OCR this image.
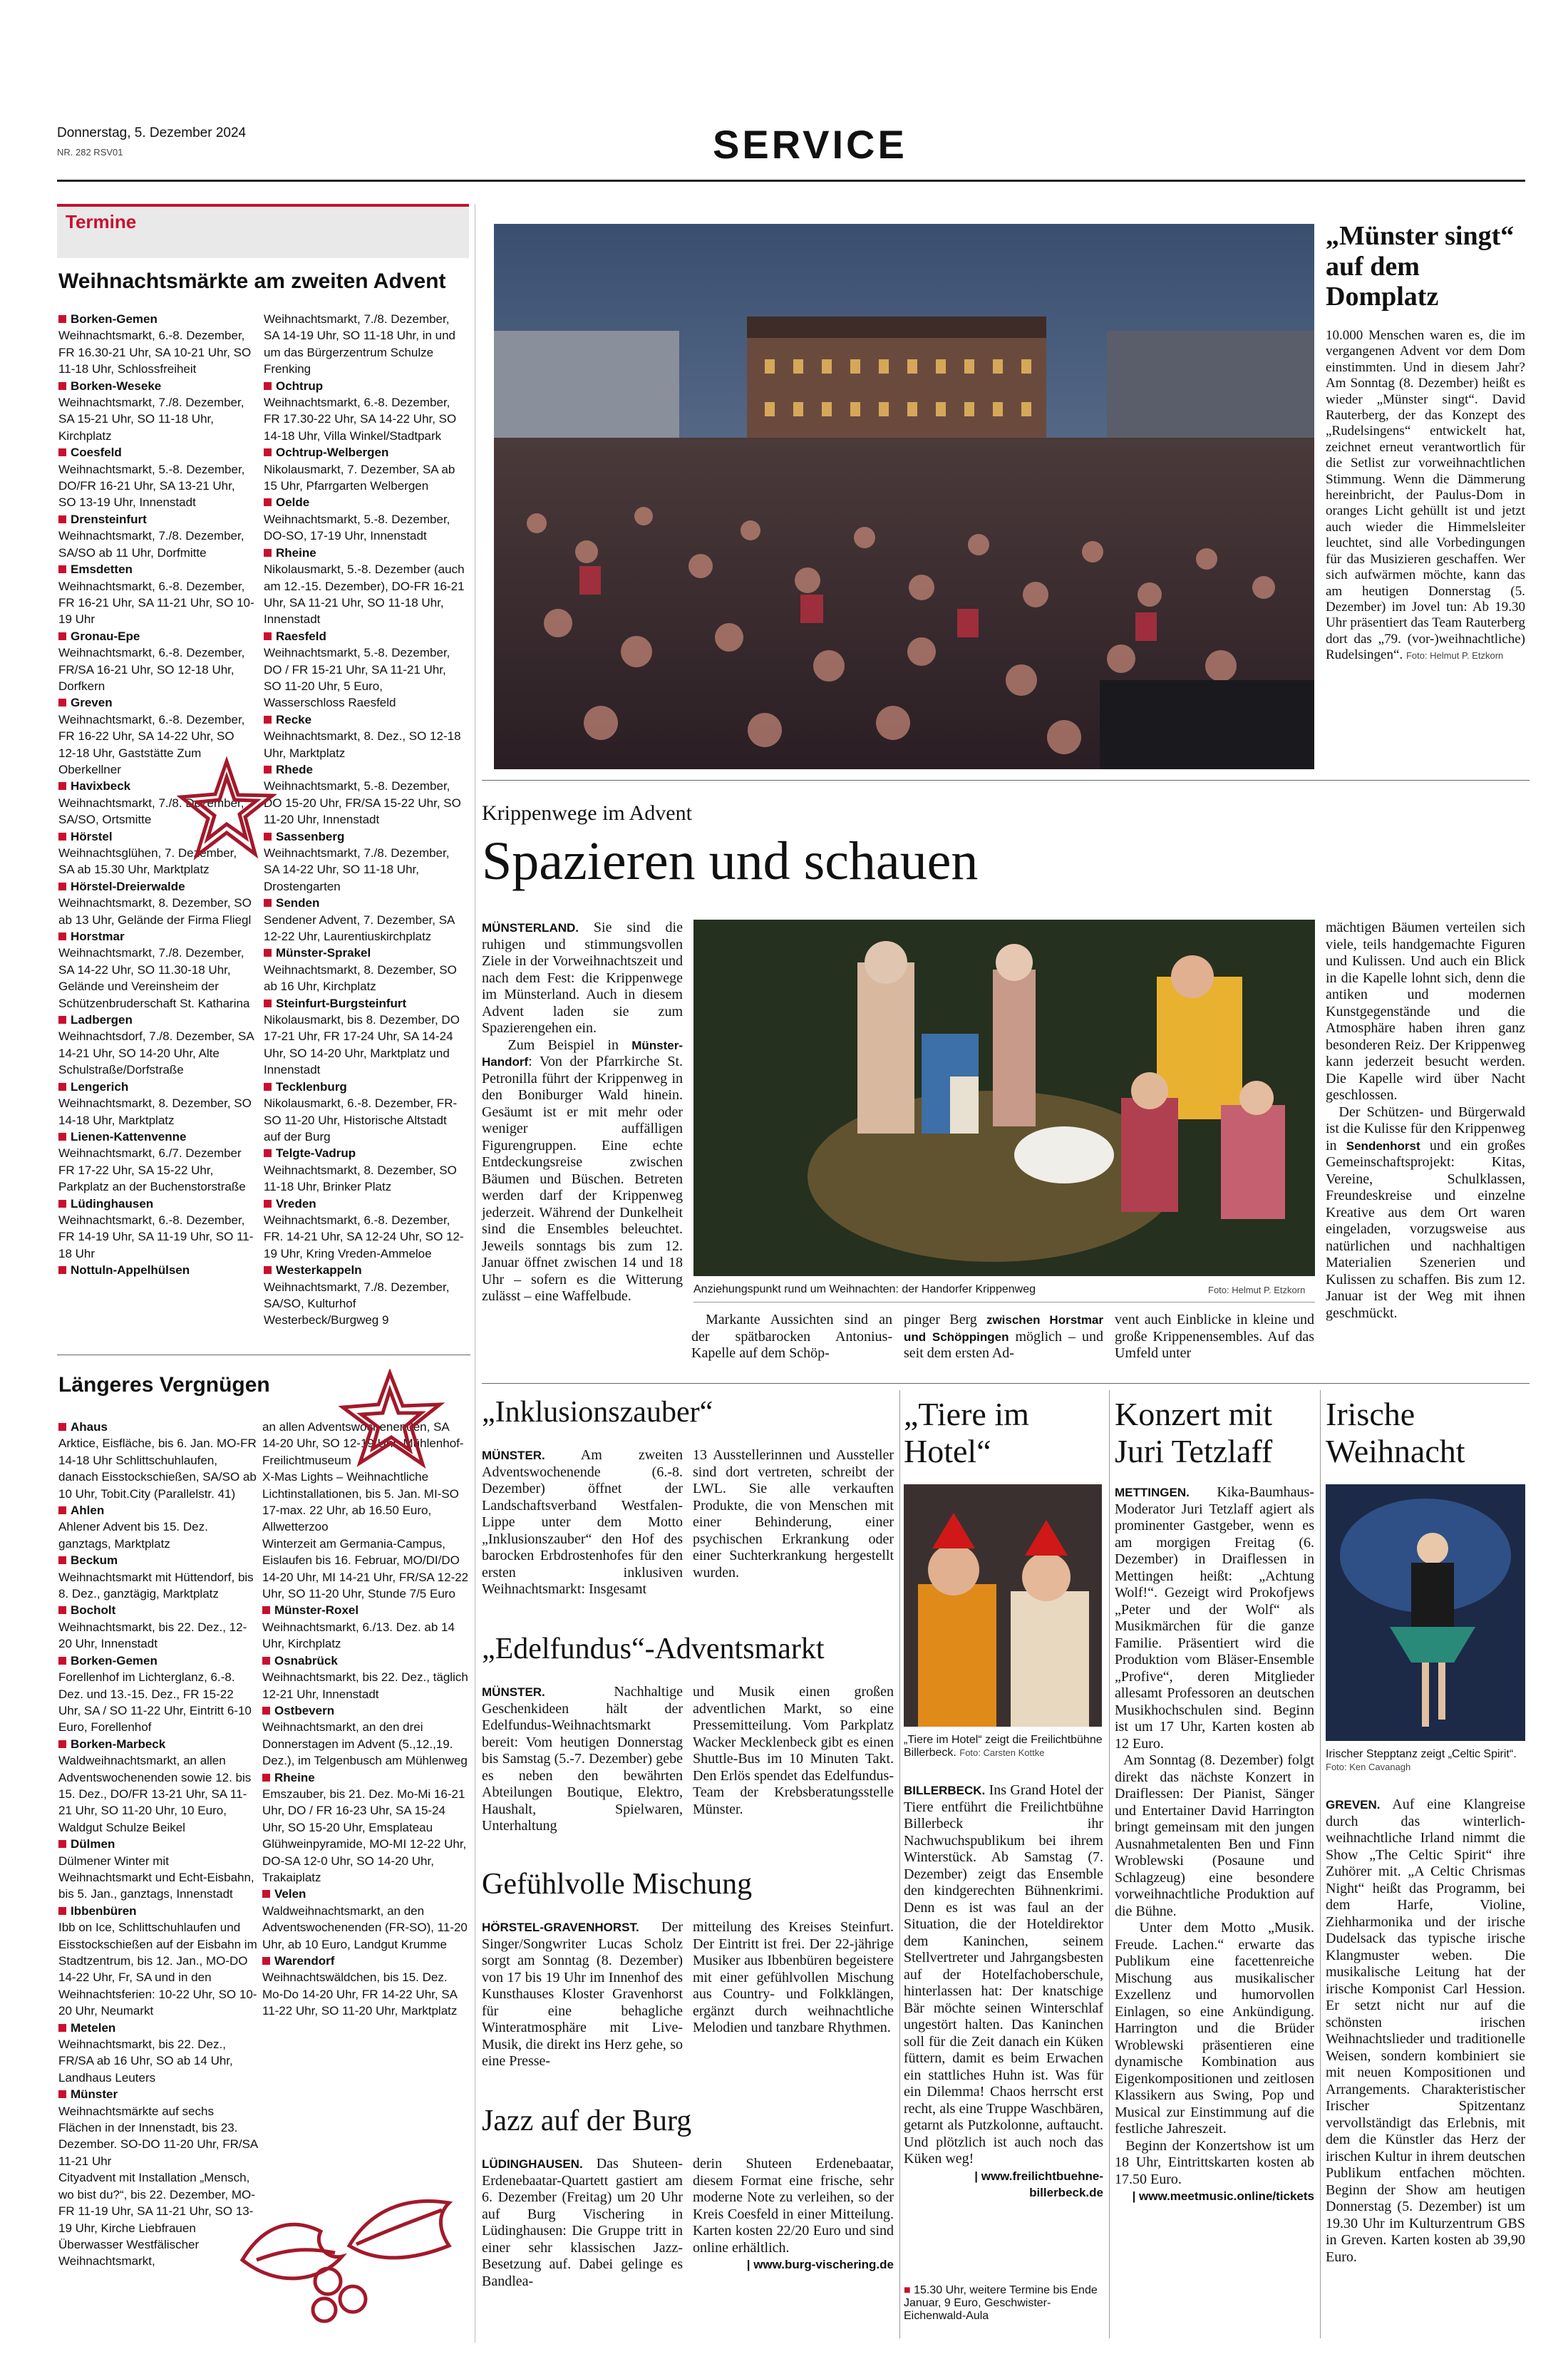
Donnerstag, 5. Dezember 2024
NR. 282 RSV01	SERVICE
Termine
Weihnachtsmärkte am zweiten Advent
Borken-Gemen
Weihnachtsmarkt, 6.-8. Dezember, FR 16.30-21 Uhr, SA 10-21 Uhr, SO 11-18 Uhr, Schlossfreiheit
Borken-Weseke
Weihnachtsmarkt, 7./8. Dezember, SA 15-21 Uhr, SO 11-18 Uhr, Kirchplatz
Coesfeld
Weihnachtsmarkt, 5.-8. Dezember, DO/FR 16-21 Uhr, SA 13-21 Uhr, SO 13-19 Uhr, Innenstadt
Drensteinfurt
Weihnachtsmarkt, 7./8. Dezember, SA/SO ab 11 Uhr, Dorfmitte
Emsdetten
Weihnachtsmarkt, 6.-8. Dezember, FR 16-21 Uhr, SA 11-21 Uhr, SO 10-19 Uhr
Gronau-Epe
Weihnachtsmarkt, 6.-8. Dezember, FR/SA 16-21 Uhr, SO 12-18 Uhr, Dorfkern
Greven
Weihnachtsmarkt, 6.-8. Dezember, FR 16-22 Uhr, SA 14-22 Uhr, SO 12-18 Uhr, Gaststätte Zum Oberkellner
Havixbeck
Weihnachtsmarkt, 7./8. Dezember, SA/SO, Ortsmitte
Hörstel
Weihnachtsglühen, 7. Dezember, SA ab 15.30 Uhr, Marktplatz
Hörstel-Dreierwalde
Weihnachtsmarkt, 8. Dezember, SO ab 13 Uhr, Gelände der Firma Fliegl
Horstmar
Weihnachtsmarkt, 7./8. Dezember, SA 14-22 Uhr, SO 11.30-18 Uhr, Gelände und Vereinsheim der Schützenbruderschaft St. Katharina
Ladbergen
Weihnachtsdorf, 7./8. Dezember, SA 14-21 Uhr, SO 14-20 Uhr, Alte Schulstraße/Dorfstraße
Lengerich
Weihnachtsmarkt, 8. Dezember, SO 14-18 Uhr, Marktplatz
Lienen-Kattenvenne
Weihnachtsmarkt, 6./7. Dezember FR 17-22 Uhr, SA 15-22 Uhr, Parkplatz an der Buchenstorstraße
Lüdinghausen
Weihnachtsmarkt, 6.-8. Dezember, FR 14-19 Uhr, SA 11-19 Uhr, SO 11-18 Uhr
Nottuln-Appelhülsen
Weihnachtsmarkt, 7./8. Dezember, SA 14-19 Uhr, SO 11-18 Uhr, in und um das Bürgerzentrum Schulze Frenking
Ochtrup
Weihnachtsmarkt, 6.-8. Dezember, FR 17.30-22 Uhr, SA 14-22 Uhr, SO 14-18 Uhr, Villa Winkel/Stadtpark
Ochtrup-Welbergen
Nikolausmarkt, 7. Dezember, SA ab 15 Uhr, Pfarrgarten Welbergen
Oelde
Weihnachtsmarkt, 5.-8. Dezember, DO-SO, 17-19 Uhr, Innenstadt
Rheine
Nikolausmarkt, 5.-8. Dezember (auch am 12.-15. Dezember), DO-FR 16-21 Uhr, SA 11-21 Uhr, SO 11-18 Uhr, Innenstadt
Raesfeld
Weihnachtsmarkt, 5.-8. Dezember, DO / FR 15-21 Uhr, SA 11-21 Uhr, SO 11-20 Uhr, 5 Euro, Wasserschloss Raesfeld
Recke
Weihnachtsmarkt, 8. Dez., SO 12-18 Uhr, Marktplatz
Rhede
Weihnachtsmarkt, 5.-8. Dezember, DO 15-20 Uhr, FR/SA 15-22 Uhr, SO 11-20 Uhr, Innenstadt
Sassenberg
Weihnachtsmarkt, 7./8. Dezember, SA 14-22 Uhr, SO 11-18 Uhr, Drostengarten
Senden
Sendener Advent, 7. Dezember, SA 12-22 Uhr, Laurentiuskirchplatz
Münster-Sprakel
Weihnachtsmarkt, 8. Dezember, SO ab 16 Uhr, Kirchplatz
Steinfurt-Burgsteinfurt
Nikolausmarkt, bis 8. Dezember, DO 17-21 Uhr, FR 17-24 Uhr, SA 14-24 Uhr, SO 14-20 Uhr, Marktplatz und Innenstadt
Tecklenburg
Nikolausmarkt, 6.-8. Dezember, FR-SO 11-20 Uhr, Historische Altstadt auf der Burg
Telgte-Vadrup
Weihnachtsmarkt, 8. Dezember, SO 11-18 Uhr, Brinker Platz
Vreden
Weihnachtsmarkt, 6.-8. Dezember, FR. 14-21 Uhr, SA 12-24 Uhr, SO 12-19 Uhr, Kring Vreden-Ammeloe
Westerkappeln
Weihnachtsmarkt, 7./8. Dezember, SA/SO, Kulturhof Westerbeck/Burgweg 9
Längeres Vergnügen
Ahaus
Arktice, Eisfläche, bis 6. Jan. MO-FR 14-18 Uhr Schlittschuhlaufen, danach Eisstockschießen, SA/SO ab 10 Uhr, Tobit.City (Parallelstr. 41)
Ahlen
Ahlener Advent bis 15. Dez. ganztags, Marktplatz
Beckum
Weihnachtsmarkt mit Hüttendorf, bis 8. Dez., ganztägig, Marktplatz
Bocholt
Weihnachtsmarkt, bis 22. Dez., 12-20 Uhr, Innenstadt
Borken-Gemen
Forellenhof im Lichterglanz, 6.-8. Dez. und 13.-15. Dez., FR 15-22 Uhr, SA / SO 11-22 Uhr, Eintritt 6-10 Euro, Forellenhof
Borken-Marbeck
Waldweihnachtsmarkt, an allen Adventswochenenden sowie 12. bis 15. Dez., DO/FR 13-21 Uhr, SA 11-21 Uhr, SO 11-20 Uhr, 10 Euro, Waldgut Schulze Beikel
Dülmen
Dülmener Winter mit Weihnachtsmarkt und Echt-Eisbahn, bis 5. Jan., ganztags, Innenstadt
Ibbenbüren
Ibb on Ice, Schlittschuhlaufen und Eisstockschießen auf der Eisbahn im Stadtzentrum, bis 12. Jan., MO-DO 14-22 Uhr, Fr, SA und in den Weihnachtsferien: 10-22 Uhr, SO 10-20 Uhr, Neumarkt
Metelen
Weihnachtsmarkt, bis 22. Dez., FR/SA ab 16 Uhr, SO ab 14 Uhr, Landhaus Leuters
Münster
Weihnachtsmärkte auf sechs Flächen in der Innenstadt, bis 23. Dezember. SO-DO 11-20 Uhr, FR/SA 11-21 Uhr
Cityadvent mit Installation „Mensch, wo bist du?“, bis 22. Dezember, MO-FR 11-19 Uhr, SA 11-21 Uhr, SO 13-19 Uhr, Kirche Liebfrauen Überwasser Westfälischer Weihnachtsmarkt,
an allen Adventswochenenden, SA 14-20 Uhr, SO 12-19 Uhr, Mühlenhof-Freilichtmuseum
X-Mas Lights – Weihnachtliche Lichtinstallationen, bis 5. Jan. MI-SO 17-max. 22 Uhr, ab 16.50 Euro, Allwetterzoo
Winterzeit am Germania-Campus, Eislaufen bis 16. Februar, MO/DI/DO 14-20 Uhr, MI 14-21 Uhr, FR/SA 12-22 Uhr, SO 11-20 Uhr, Stunde 7/5 Euro
Münster-Roxel
Weihnachtsmarkt, 6./13. Dez. ab 14 Uhr, Kirchplatz
Osnabrück
Weihnachtsmarkt, bis 22. Dez., täglich 12-21 Uhr, Innenstadt
Ostbevern
Weihnachtsmarkt, an den drei Donnerstagen im Advent (5.,12.,19. Dez.), im Telgenbusch am Mühlenweg
Rheine
Emszauber, bis 21. Dez. Mo-Mi 16-21 Uhr, DO / FR 16-23 Uhr, SA 15-24 Uhr, SO 15-20 Uhr, Emsplateau
Glühweinpyramide, MO-MI 12-22 Uhr, DO-SA 12-0 Uhr, SO 14-20 Uhr, Trakaiplatz
Velen
Waldweihnachtsmarkt, an den Adventswochenenden (FR-SO), 11-20 Uhr, ab 10 Euro, Landgut Krumme
Warendorf
Weihnachtswäldchen, bis 15. Dez. Mo-Do 14-20 Uhr, FR 14-22 Uhr, SA 11-22 Uhr, SO 11-20 Uhr, Marktplatz
„Münster singt“ auf dem Domplatz
10.000 Menschen waren es, die im vergangenen Advent vor dem Dom einstimmten. Und in diesem Jahr? Am Sonntag (8. Dezember) heißt es wieder „Münster singt“. David Rauterberg, der das Konzept des „Rudelsingens“ entwickelt hat, zeichnet erneut verantwortlich für die Setlist zur vorweihnachtlichen Stimmung. Wenn die Dämmerung hereinbricht, der Paulus-Dom in oranges Licht gehüllt ist und jetzt auch wieder die Himmelsleiter leuchtet, sind alle Vorbedingungen für das Musizieren geschaffen. Wer sich aufwärmen möchte, kann das am heutigen Donnerstag (5. Dezember) im Jovel tun: Ab 19.30 Uhr präsentiert das Team Rauterberg dort das „79. (vor-)weihnachtliche) Rudelsingen“. Foto: Helmut P. Etzkorn
Krippenwege im Advent
Spazieren und schauen
MÜNSTERLAND. Sie sind die ruhigen und stimmungsvollen Ziele in der Vorweihnachtszeit und nach dem Fest: die Krippenwege im Münsterland. Auch in diesem Advent laden sie zum Spazierengehen ein.
Zum Beispiel in Münster-Handorf: Von der Pfarrkirche St. Petronilla führt der Krippenweg in den Boniburger Wald hinein. Gesäumt ist er mit mehr oder weniger auffälligen Figurengruppen. Eine echte Entdeckungsreise zwischen Bäumen und Büschen. Betreten werden darf der Krippenweg jederzeit. Während der Dunkelheit sind die Ensembles beleuchtet. Jeweils sonntags bis zum 12. Januar öffnet zwischen 14 und 18 Uhr – sofern es die Witterung zulässt – eine Waffelbude.	Anziehungspunkt rund um Weihnachten: der Handorfer Krippenweg	Foto: Helmut P. Etzkorn
Markante Aussichten sind an der spätbarocken Antonius-Kapelle auf dem Schöp-
pinger Berg zwischen Horstmar und Schöppingen möglich – und seit dem ersten Ad-
vent auch Einblicke in kleine und große Krippenensembles. Auf das Umfeld unter
mächtigen Bäumen verteilen sich viele, teils handgemachte Figuren und Kulissen. Und auch ein Blick in die Kapelle lohnt sich, denn die antiken und modernen Kunstgegenstände und die Atmosphäre haben ihren ganz besonderen Reiz. Der Krippenweg kann jederzeit besucht werden. Die Kapelle wird über Nacht geschlossen.
Der Schützen- und Bürgerwald ist die Kulisse für den Krippenweg in Sendenhorst und ein großes Gemeinschaftsprojekt: Kitas, Vereine, Schulklassen, Freundeskreise und einzelne Kreative aus dem Ort waren eingeladen, vorzugsweise aus natürlichen und nachhaltigen Materialien Szenerien und Kulissen zu schaffen. Bis zum 12. Januar ist der Weg mit ihnen geschmückt.
„Inklusionszauber“
MÜNSTER. Am zweiten Adventswochenende (6.-8. Dezember) öffnet der Landschaftsverband Westfalen-Lippe unter dem Motto „Inklusionszauber“ den Hof des barocken Erbdrostenhofes für den ersten inklusiven Weihnachtsmarkt: Insgesamt
13 Ausstellerinnen und Aussteller sind dort vertreten, schreibt der LWL. Sie alle verkauften Produkte, die von Menschen mit einer Behinderung, einer psychischen Erkrankung oder einer Suchterkrankung hergestellt wurden.
„Edelfundus“-Adventsmarkt
MÜNSTER.	Nachhaltige Geschenkideen hält der Edelfundus-Weihnachtsmarkt bereit: Vom heutigen Donnerstag bis Samstag (5.-7. Dezember) gebe es neben den bewährten Abteilungen Boutique, Elektro, Haushalt, Spielwaren, Unterhaltung
und Musik einen großen adventlichen Markt, so eine Pressemitteilung. Vom Parkplatz Wacker Mecklenbeck gibt es einen Shuttle-Bus im 10 Minuten Takt. Den Erlös spendet das Edelfundus-Team der Krebsberatungsstelle Münster.
Gefühlvolle Mischung
HÖRSTEL-GRAVENHORST. Der Singer/Songwriter Lucas Scholz sorgt am Sonntag (8. Dezember) von 17 bis 19 Uhr im Innenhof des Kunsthauses Kloster Gravenhorst für eine behagliche Winteratmosphäre mit Live-Musik, die direkt ins Herz gehe, so eine Presse-
mitteilung des Kreises Steinfurt. Der Eintritt ist frei. Der 22-jährige Musiker aus Ibbenbüren begeistere mit einer gefühlvollen Mischung aus Country- und Folkklängen, ergänzt durch weihnachtliche Melodien und tanzbare Rhythmen.
Jazz auf der Burg
LÜDINGHAUSEN. Das Shuteen-Erdenebaatar-Quartett gastiert am 6. Dezember (Freitag) um 20 Uhr auf Burg Vischering in Lüdinghausen: Die Gruppe tritt in einer sehr klassischen Jazz-Besetzung auf. Dabei gelinge es Bandlea-
derin Shuteen Erdenebaatar, diesem Format eine frische, sehr moderne Note zu verleihen, so der Kreis Coesfeld in einer Mitteilung. Karten kosten 22/20 Euro und sind online erhältlich.

| www.burg-vischering.de
„Tiere im Hotel“
„Tiere im Hotel“ zeigt die Freilichtbühne Billerbeck. Foto: Carsten Kottke
BILLERBECK. Ins Grand Hotel der Tiere entführt die Freilichtbühne Billerbeck ihr Nachwuchspublikum bei ihrem Winterstück. Ab Samstag (7. Dezember) zeigt das Ensemble den kindgerechten Bühnenkrimi. Denn es ist was faul an der Situation, die der Hoteldirektor dem Kaninchen, seinem Stellvertreter und Jahrgangsbesten auf der Hotelfachoberschule, hinterlassen hat: Der knatschige Bär möchte seinen Winterschlaf ungestört halten. Das Kaninchen soll für die Zeit danach ein Küken füttern, damit es beim Erwachen ein stattliches Huhn ist. Was für ein Dilemma! Chaos herrscht erst recht, als eine Truppe Waschbären, getarnt als Putzkolonne, auftaucht. Und plötzlich ist auch noch das Küken weg!

| www.freilichtbuehne-billerbeck.de
■ 15.30 Uhr, weitere Termine bis Ende Januar, 9 Euro, Geschwister-Eichenwald-Aula
Konzert mit Juri Tetzlaff
METTINGEN. Kika-Baumhaus-Moderator Juri Tetzlaff agiert als prominenter Gastgeber, wenn es am morgigen Freitag (6. Dezember) in Draiflessen in Mettingen heißt: „Achtung Wolf!“. Gezeigt wird Prokofjews „Peter und der Wolf“ als Musikmärchen für die ganze Familie. Präsentiert wird die Produktion vom Bläser-Ensemble „Profive“, deren Mitglieder allesamt Professoren an deutschen Musikhochschulen sind. Beginn ist um 17 Uhr, Karten kosten ab 12 Euro.
Am Sonntag (8. Dezember) folgt direkt das nächste Konzert in Draiflessen: Der Pianist, Sänger und Entertainer David Harrington bringt gemeinsam mit den jungen Ausnahmetalenten Ben und Finn Wroblewski (Posaune und Schlagzeug) eine besondere vorweihnachtliche Produktion auf die Bühne.
Unter dem Motto „Musik. Freude. Lachen.“ erwarte das Publikum eine facettenreiche Mischung aus musikalischer Exzellenz und humorvollen Einlagen, so eine Ankündigung. Harrington und die Brüder Wroblewski präsentieren eine dynamische Kombination aus Eigenkompositionen und zeitlosen Klassikern aus Swing, Pop und Musical zur Einstimmung auf die festliche Jahreszeit.
Beginn der Konzertshow ist um 18 Uhr, Eintrittskarten kosten ab 17.50 Euro.

| www.meetmusic.online/tickets
Irische Weihnacht
Irischer Stepptanz zeigt „Celtic Spirit“. Foto: Ken Cavanagh
GREVEN. Auf eine Klangreise durch das winterlich-weihnachtliche Irland nimmt die Show „The Celtic Spirit“ ihre Zuhörer mit. „A Celtic Chrismas Night“ heißt das Programm, bei dem Harfe, Violine, Ziehharmonika und der irische Dudelsack das typische irische Klangmuster weben. Die musikalische Leitung hat der irische Komponist Carl Hession. Er setzt nicht nur auf die schönsten irischen Weihnachtslieder und traditionelle Weisen, sondern kombiniert sie mit neuen Kompositionen und Arrangements. Charakteristischer Irischer Spitzentanz vervollständigt das Erlebnis, mit dem die Künstler das Herz der irischen Kultur in ihrem deutschen Publikum entfachen möchten. Beginn der Show am heutigen Donnerstag (5. Dezember) ist um 19.30 Uhr im Kulturzentrum GBS in Greven. Karten kosten ab 39,90 Euro.
